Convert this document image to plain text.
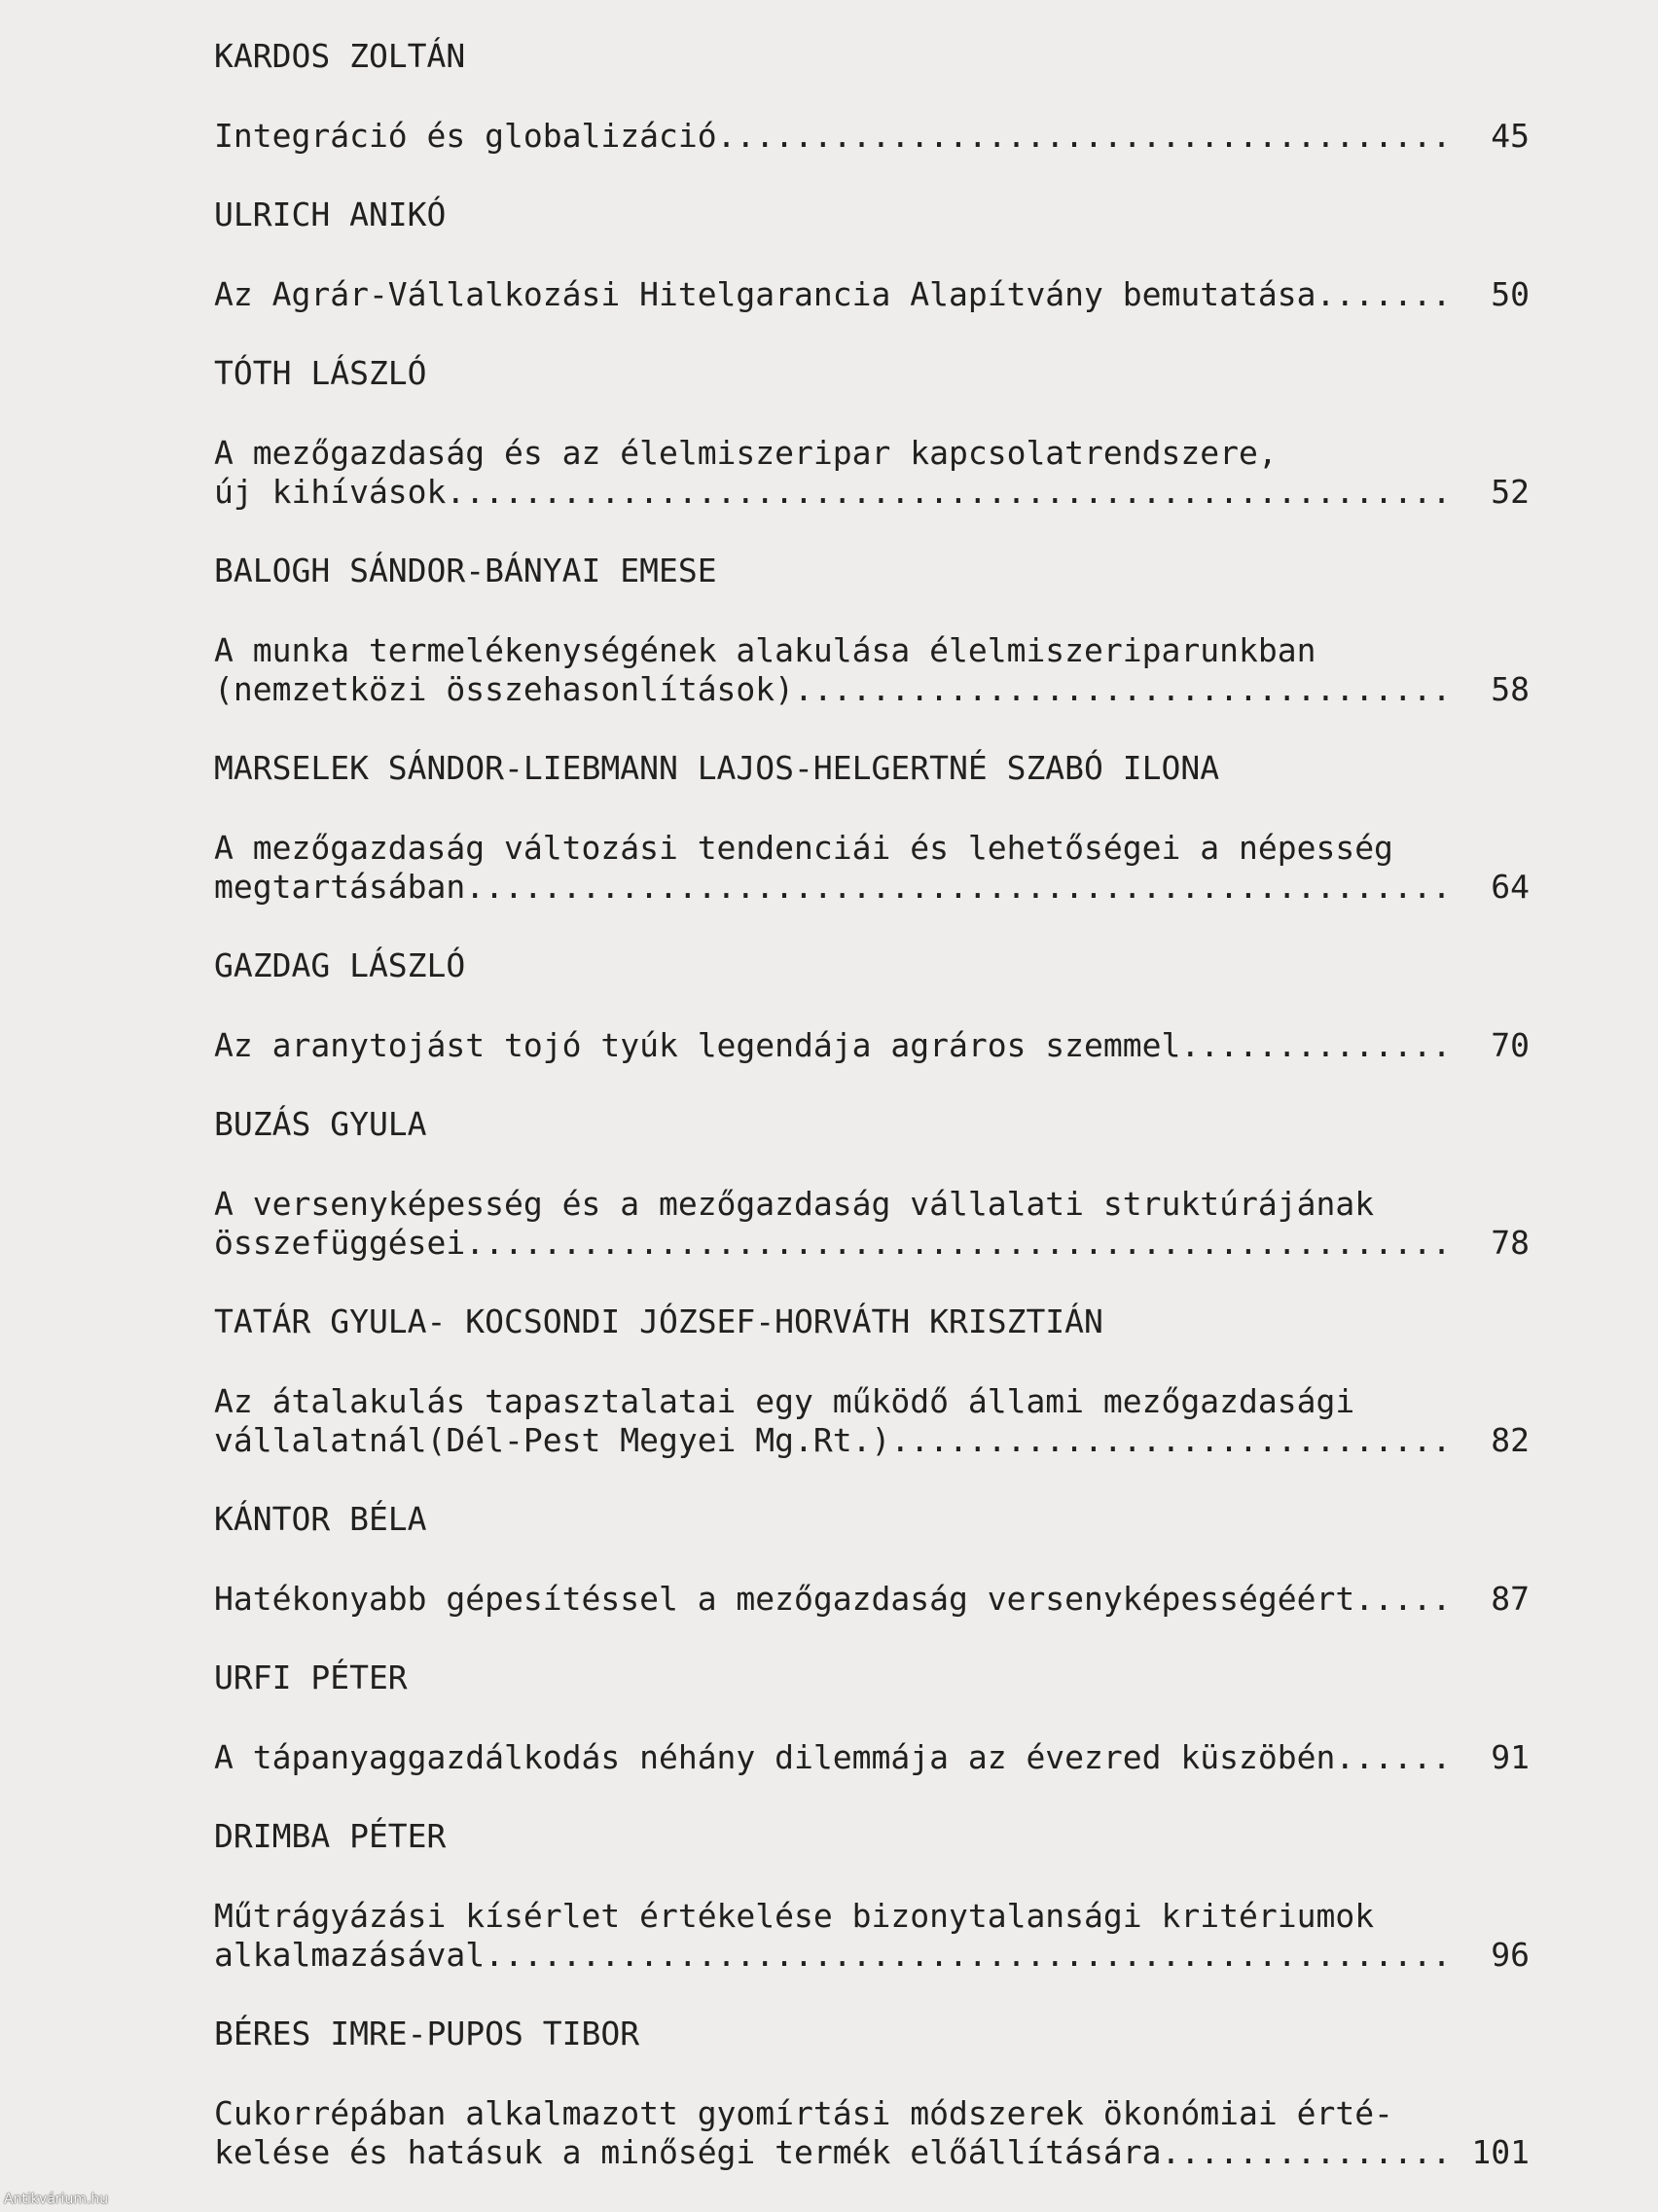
KARDOS ZOLTÁN
Integráció és globalizáció .....	45
ULRICH ANIKÓ
Az Agrár-Vállalkozási Hitelgarancia Alapítvány bemutatása .....	50
TÓTH LÁSZLÓ
A mezőgazdaság és az élelmiszeripar kapcsolatrendszere,
új kihívások .....	52
BALOGH SÁNDOR-BÁNYAI EMESE
A munka termelékenységének alakulása élelmiszeriparunkban
(nemzetközi összehasonlítások) .....	58
MARSELEK SÁNDOR-LIEBMANN LAJOS-HELGERTNÉ SZABÓ ILONA
A mezőgazdaság változási tendenciái és lehetőségei a népesség
megtartásában .....	64
GAZDAG LÁSZLÓ
Az aranytojást tojó tyúk legendája agráros szemmel .....	70
BUZÁS GYULA
A versenyképesség és a mezőgazdaság vállalati struktúrájának
összefüggései .....	78
TATÁR GYULA- KOCSONDI JÓZSEF-HORVÁTH KRISZTIÁN
Az átalakulás tapasztalatai egy működő állami mezőgazdasági
vállalatnál(Dél-Pest Megyei Mg.Rt.) .....	82
KÁNTOR BÉLA
Hatékonyabb gépesítéssel a mezőgazdaság versenyképességéért .....	87
URFI PÉTER
A tápanyaggazdálkodás néhány dilemmája az évezred küszöbén .....	91
DRIMBA PÉTER
Műtrágyázási kísérlet értékelése bizonytalansági kritériumok
alkalmazásával .....	96
BÉRES IMRE-PUPOS TIBOR
Cukorrépában alkalmazott gyomírtási módszerek ökonómiai érté-
kelése és hatásuk a minőségi termék előállítására .....	101
Antikvárium.hu
